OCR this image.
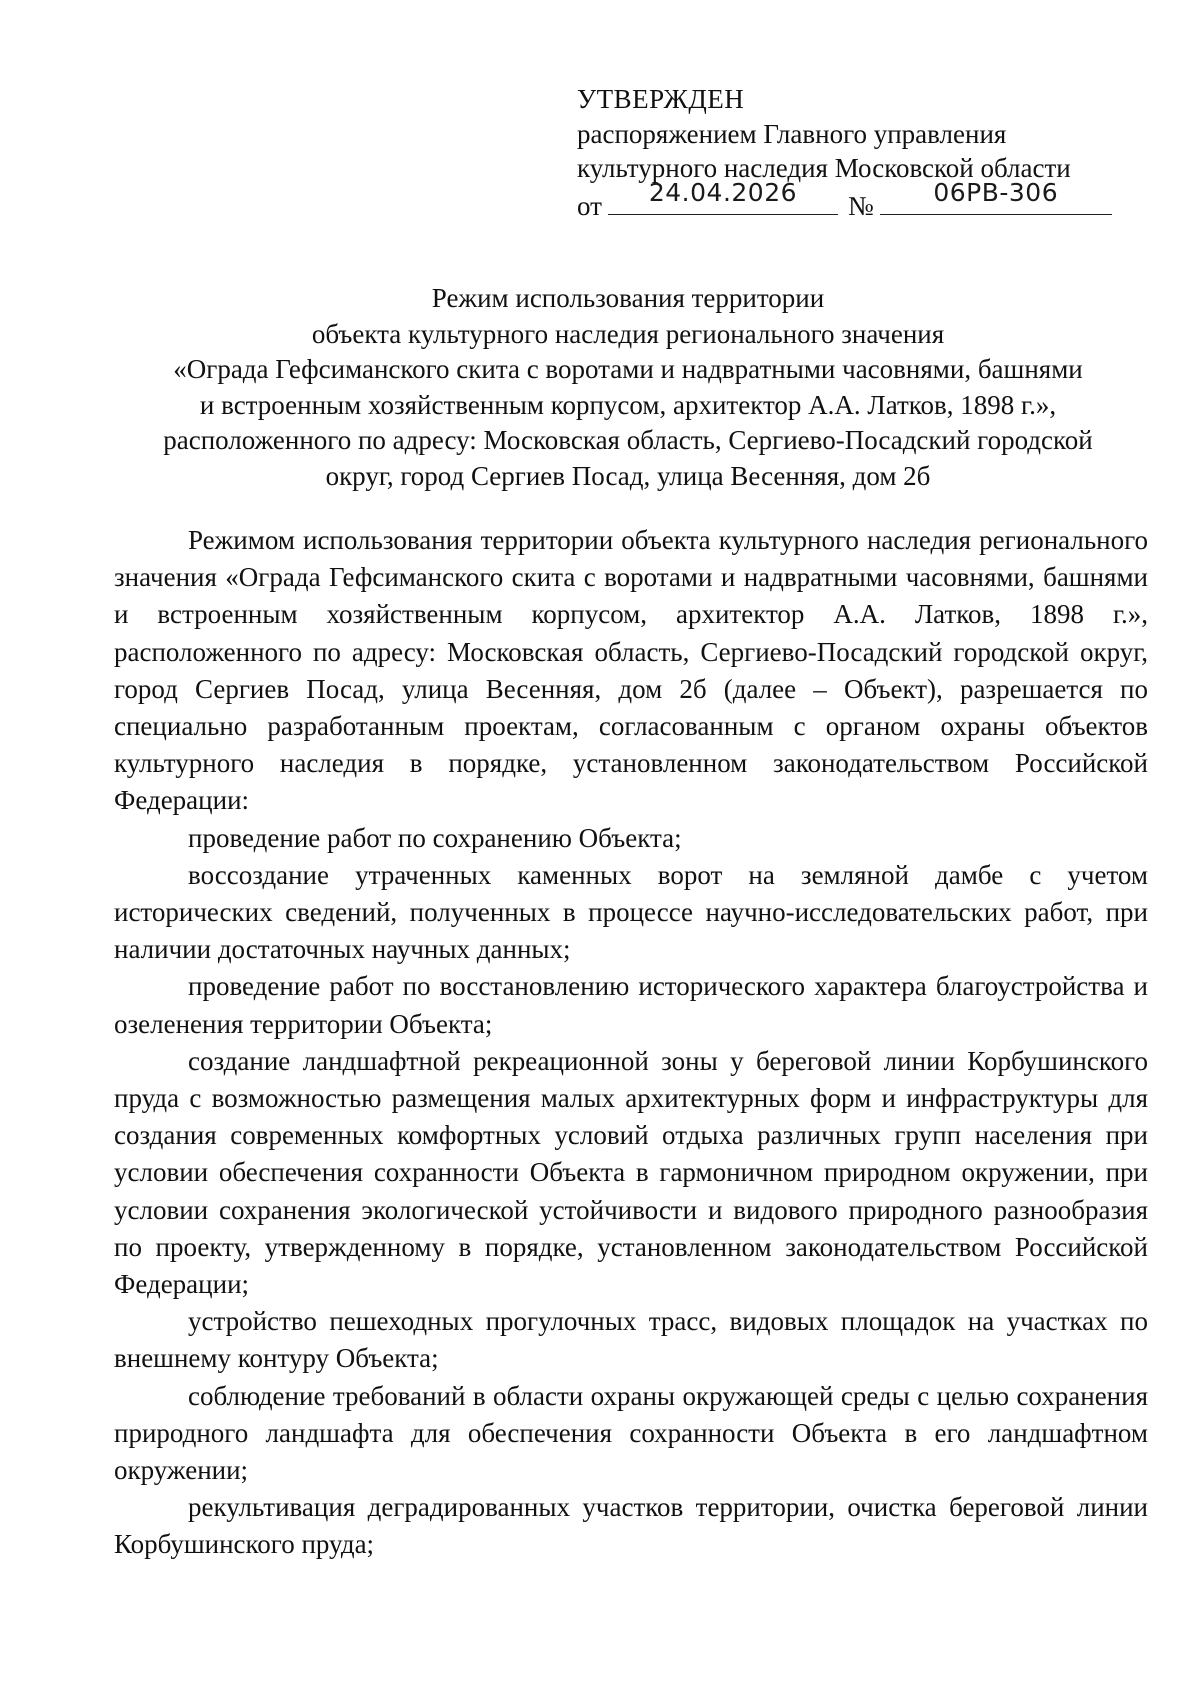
УТВЕРЖДЕН
распоряжением Главного управления
культурного наследия Московской области
от	24.04.2026	№	06РВ-306
Режим использования территории
объекта культурного наследия регионального значения
«Ограда Гефсиманского скита с воротами и надвратными часовнями, башнями
и встроенным хозяйственным корпусом, архитектор А.А. Латков, 1898 г.»,
расположенного по адресу: Московская область, Сергиево-Посадский городской
округ, город Сергиев Посад, улица Весенняя, дом 2б

Режимом использования территории объекта культурного наследия регионального значения «Ограда Гефсиманского скита с воротами и надвратными часовнями, башнями и встроенным хозяйственным корпусом, архитектор А.А. Латков, 1898 г.», расположенного по адресу: Московская область, Сергиево-Посадский городской округ, город Сергиев Посад, улица Весенняя, дом 2б (далее – Объект), разрешается по специально разработанным проектам, согласованным с органом охраны объектов культурного наследия в порядке, установленном законодательством Российской Федерации:

проведение работ по сохранению Объекта;

воссоздание утраченных каменных ворот на земляной дамбе с учетом исторических сведений, полученных в процессе научно-исследовательских работ, при наличии достаточных научных данных;

проведение работ по восстановлению исторического характера благоустройства и озеленения территории Объекта;

создание ландшафтной рекреационной зоны у береговой линии Корбушинского пруда с возможностью размещения малых архитектурных форм и инфраструктуры для создания современных комфортных условий отдыха различных групп населения при условии обеспечения сохранности Объекта в гармоничном природном окружении, при условии сохранения экологической устойчивости и видового природного разнообразия по проекту, утвержденному в порядке, установленном законодательством Российской Федерации;

устройство пешеходных прогулочных трасс, видовых площадок на участках по внешнему контуру Объекта;

соблюдение требований в области охраны окружающей среды с целью сохранения природного ландшафта для обеспечения сохранности Объекта в его ландшафтном окружении;

рекультивация деградированных участков территории, очистка береговой линии Корбушинского пруда;
